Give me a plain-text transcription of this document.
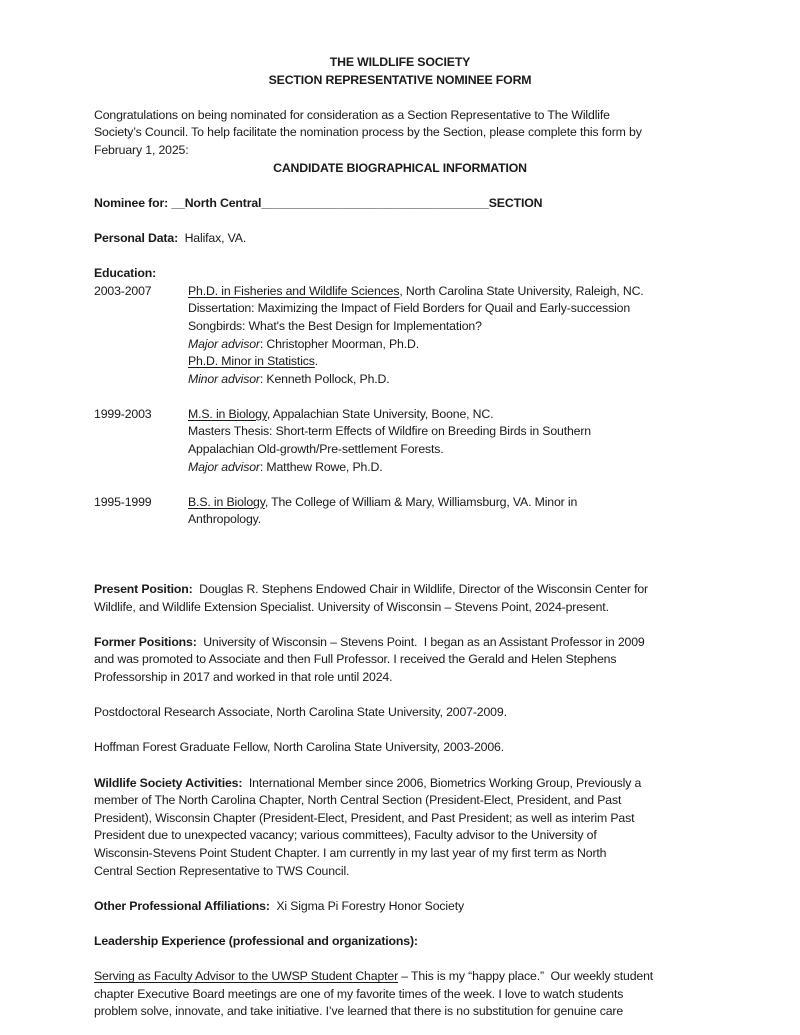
THE WILDLIFE SOCIETY
SECTION REPRESENTATIVE NOMINEE FORM
Congratulations on being nominated for consideration as a Section Representative to The Wildlife
Society’s Council. To help facilitate the nomination process by the Section, please complete this form by
February 1, 2025:
CANDIDATE BIOGRAPHICAL INFORMATION
Nominee for: __North Central__________________________________SECTION
Personal Data: Halifax, VA.
Education:
2003-2007	Ph.D. in Fisheries and Wildlife Sciences, North Carolina State University, Raleigh, NC.
Dissertation: Maximizing the Impact of Field Borders for Quail and Early-succession
Songbirds: What's the Best Design for Implementation?
Major advisor: Christopher Moorman, Ph.D.
Ph.D. Minor in Statistics.
Minor advisor: Kenneth Pollock, Ph.D.
1999-2003	M.S. in Biology, Appalachian State University, Boone, NC.
Masters Thesis: Short-term Effects of Wildfire on Breeding Birds in Southern
Appalachian Old-growth/Pre-settlement Forests.
Major advisor: Matthew Rowe, Ph.D.
1995-1999	B.S. in Biology, The College of William & Mary, Williamsburg, VA. Minor in
Anthropology.
Present Position:  Douglas R. Stephens Endowed Chair in Wildlife, Director of the Wisconsin Center for
Wildlife, and Wildlife Extension Specialist. University of Wisconsin – Stevens Point, 2024-present.
Former Positions:  University of Wisconsin – Stevens Point.  I began as an Assistant Professor in 2009
and was promoted to Associate and then Full Professor. I received the Gerald and Helen Stephens
Professorship in 2017 and worked in that role until 2024.
Postdoctoral Research Associate, North Carolina State University, 2007-2009.
Hoffman Forest Graduate Fellow, North Carolina State University, 2003-2006.
Wildlife Society Activities:  International Member since 2006, Biometrics Working Group, Previously a
member of The North Carolina Chapter, North Central Section (President-Elect, President, and Past
President), Wisconsin Chapter (President-Elect, President, and Past President; as well as interim Past
President due to unexpected vacancy; various committees), Faculty advisor to the University of
Wisconsin-Stevens Point Student Chapter. I am currently in my last year of my first term as North
Central Section Representative to TWS Council.
Other Professional Affiliations:  Xi Sigma Pi Forestry Honor Society
Leadership Experience (professional and organizations):
Serving as Faculty Advisor to the UWSP Student Chapter – This is my “happy place.”  Our weekly student
chapter Executive Board meetings are one of my favorite times of the week. I love to watch students
problem solve, innovate, and take initiative. I’ve learned that there is no substitution for genuine care
